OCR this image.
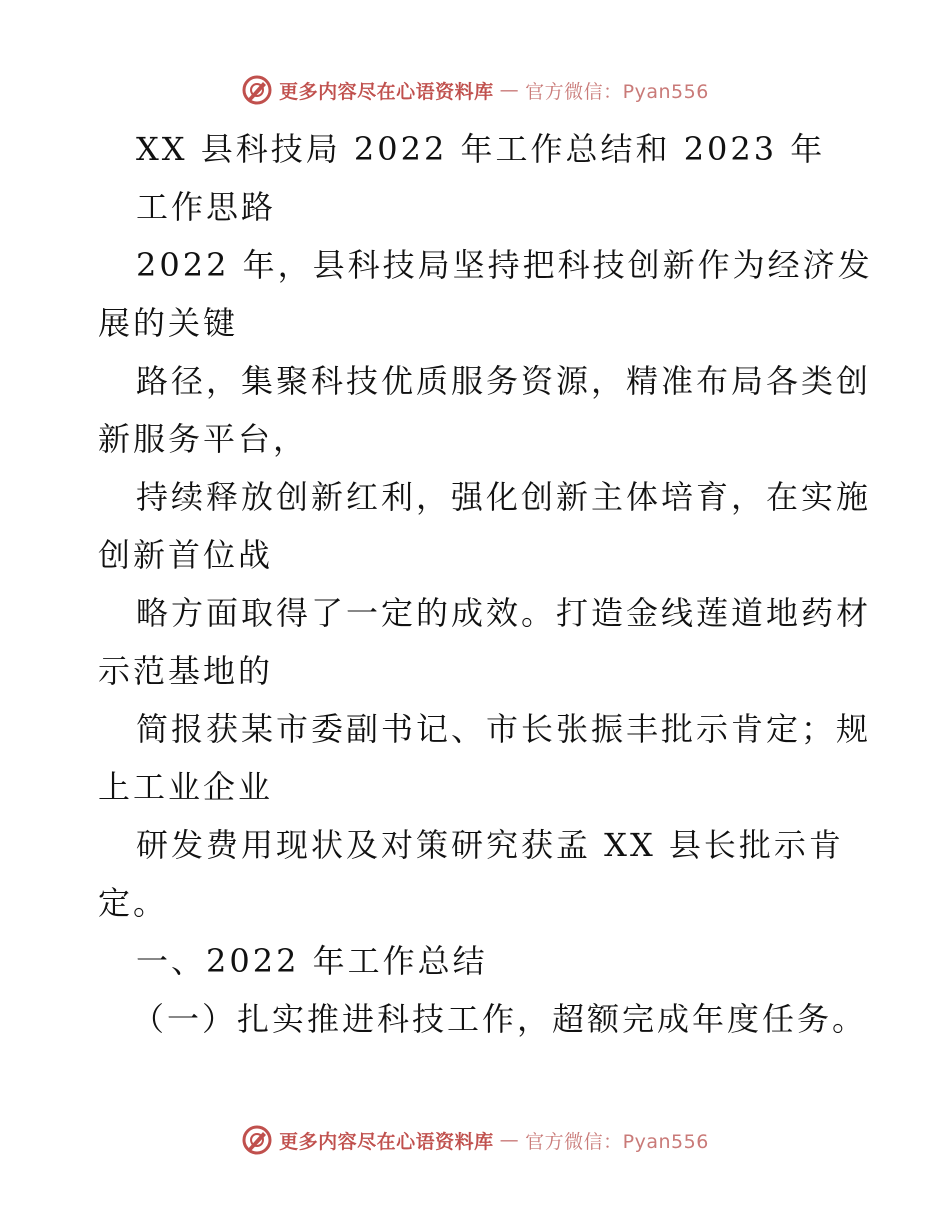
更多内容尽在心语资料库 — 官方微信：Pyan556
XX 县科技局 2022 年工作总结和 2023 年
工作思路
2022 年，县科技局坚持把科技创新作为经济发
展的关键
路径，集聚科技优质服务资源，精准布局各类创
新服务平台，
持续释放创新红利，强化创新主体培育，在实施
创新首位战
略方面取得了一定的成效。打造金线莲道地药材
示范基地的
简报获某市委副书记、市长张振丰批示肯定；规
上工业企业
研发费用现状及对策研究获孟 XX 县长批示肯
定。
一、2022 年工作总结
（一）扎实推进科技工作，超额完成年度任务。
更多内容尽在心语资料库 — 官方微信：Pyan556
